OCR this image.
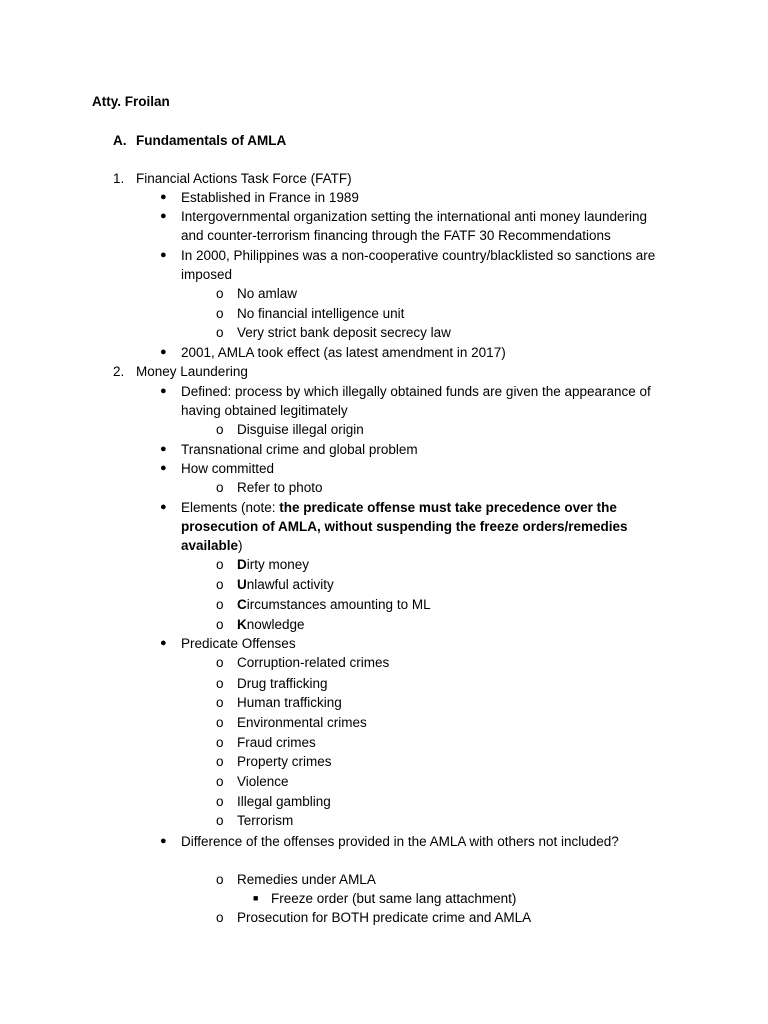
Atty. Froilan
A. Fundamentals of AMLA
1. Financial Actions Task Force (FATF)
● Established in France in 1989
● Intergovernmental organization setting the international anti money laundering
and counter-terrorism financing through the FATF 30 Recommendations
● In 2000, Philippines was a non-cooperative country/blacklisted so sanctions are
imposed
o No amlaw
o No financial intelligence unit
o Very strict bank deposit secrecy law
● 2001, AMLA took effect (as latest amendment in 2017)
2. Money Laundering
● Defined: process by which illegally obtained funds are given the appearance of
having obtained legitimately
o Disguise illegal origin
● Transnational crime and global problem
● How committed
o Refer to photo
● Elements (note: the predicate offense must take precedence over the
prosecution of AMLA, without suspending the freeze orders/remedies
available)
o Dirty money
o Unlawful activity
o Circumstances amounting to ML
o Knowledge
● Predicate Offenses
o Corruption-related crimes
o Drug trafficking
o Human trafficking
o Environmental crimes
o Fraud crimes
o Property crimes
o Violence
o Illegal gambling
o Terrorism
● Difference of the offenses provided in the AMLA with others not included?
o Remedies under AMLA
■ Freeze order (but same lang attachment)
o Prosecution for BOTH predicate crime and AMLA
